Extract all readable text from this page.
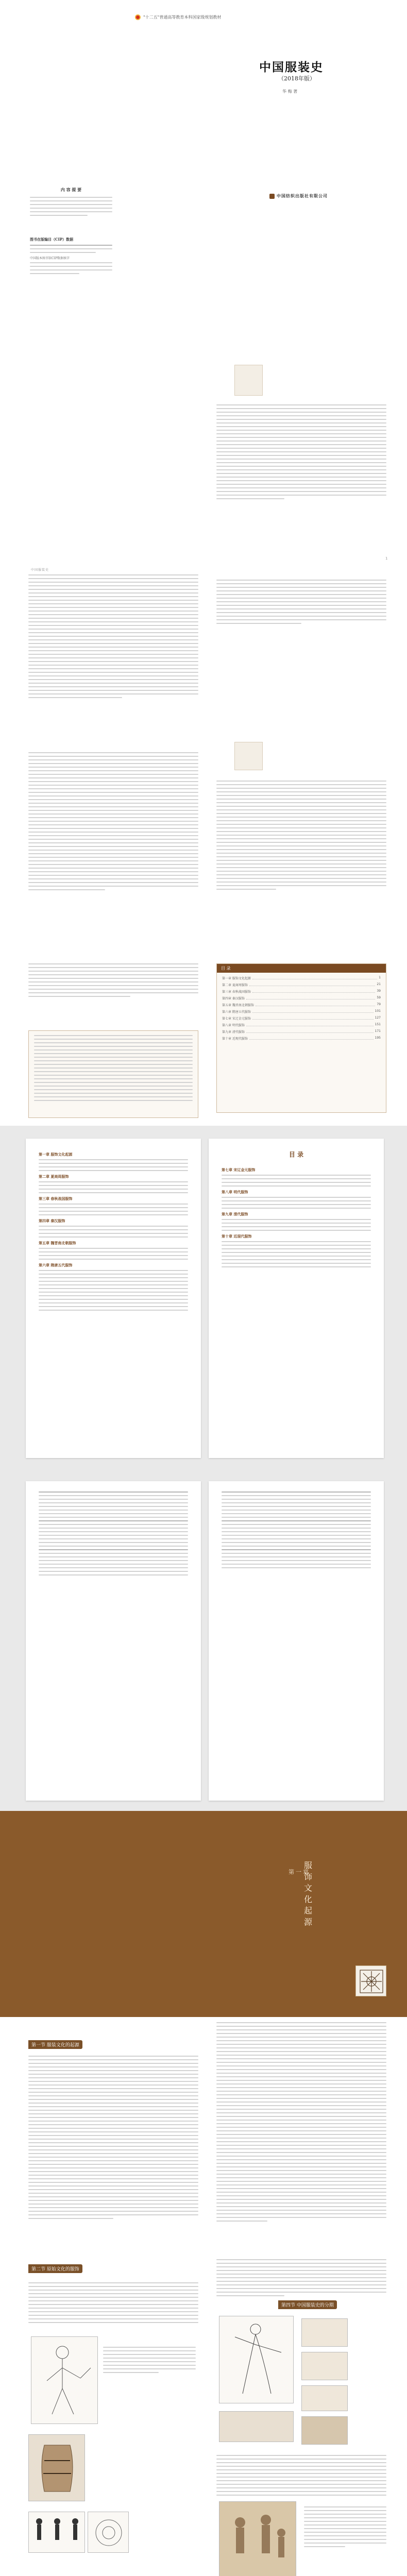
"十二五"普通高等教育本科国家级规划教材
中国服装史
（2018年版）
华 梅 著
内 容 提 要
图书在版编目（CIP）数据
中国版本图书馆CIP数据核字
中国纺织出版社有限公司
1
中国服装史
目 录
第一章 服饰文化起源	1
第二章 夏商周服饰	21
第三章 春秋战国服饰	39
第四章 秦汉服饰	59
第五章 魏晋南北朝服饰	79
第六章 隋唐五代服饰	101
第七章 宋辽金元服饰	127
第八章 明代服饰	151
第九章 清代服饰	171
第十章 近现代服饰	195
第一章 服饰文化起源
第二章 夏商周服饰
第三章 春秋战国服饰
第四章 秦汉服饰
第五章 魏晋南北朝服饰
第六章 隋唐五代服饰
目 录
第七章 宋辽金元服饰
第八章 明代服饰
第九章 清代服饰
第十章 近现代服饰
第一章
服饰文化起源
第一节 服装文化的起源
第二节 原始文化的服饰
第四节 中国服装史的分期
